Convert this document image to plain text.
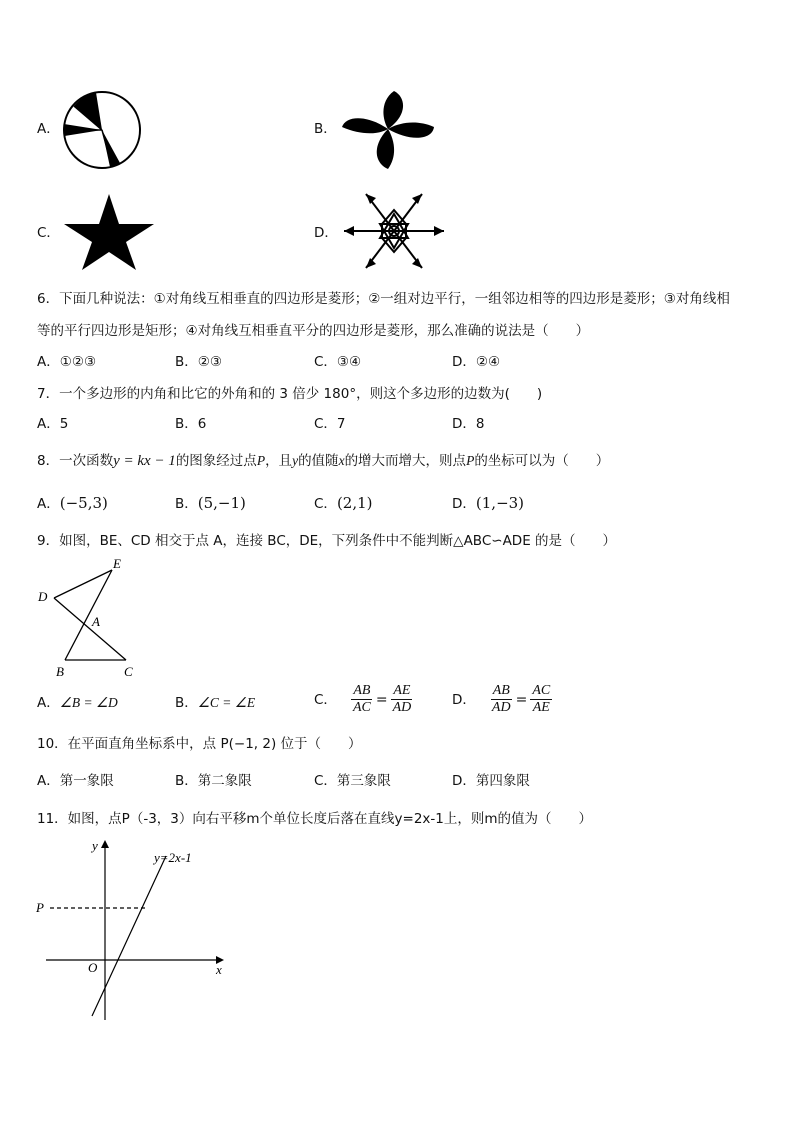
A．	B．
C．	D．
6．下面几种说法：①对角线互相垂直的四边形是菱形；②一组对边平行，一组邻边相等的四边形是菱形；③对角线相
等的平行四边形是矩形；④对角线互相垂直平分的四边形是菱形，那么准确的说法是（　　）
A．①②③	B．②③	C．③④	D．②④
7．一个多边形的内角和比它的外角和的 3 倍少 180°，则这个多边形的边数为(　　)
A．5	B．6	C．7	D．8
8．一次函数y = kx − 1的图象经过点P，且y的值随x的增大而增大，则点P的坐标可以为（　　）
A．(−5,3)	B．(5,−1)	C．(2,1)	D．(1,−3)
9．如图，BE、CD 相交于点 A，连接 BC，DE，下列条件中不能判断△ABC∽ADE 的是（　　）
E
D
A
B	C
A．∠B = ∠D	B．∠C = ∠E	C． $\frac{AB}{AC} = \frac{AE}{AD}$	D． $\frac{AB}{AD} = \frac{AC}{AE}$
10．在平面直角坐标系中，点 P(−1, 2) 位于（　　）
A．第一象限	B．第二象限	C．第三象限	D．第四象限
11．如图，点P（-3，3）向右平移m个单位长度后落在直线y=2x-1上，则m的值为（　　）
y
y=2x-1
P
O	x
